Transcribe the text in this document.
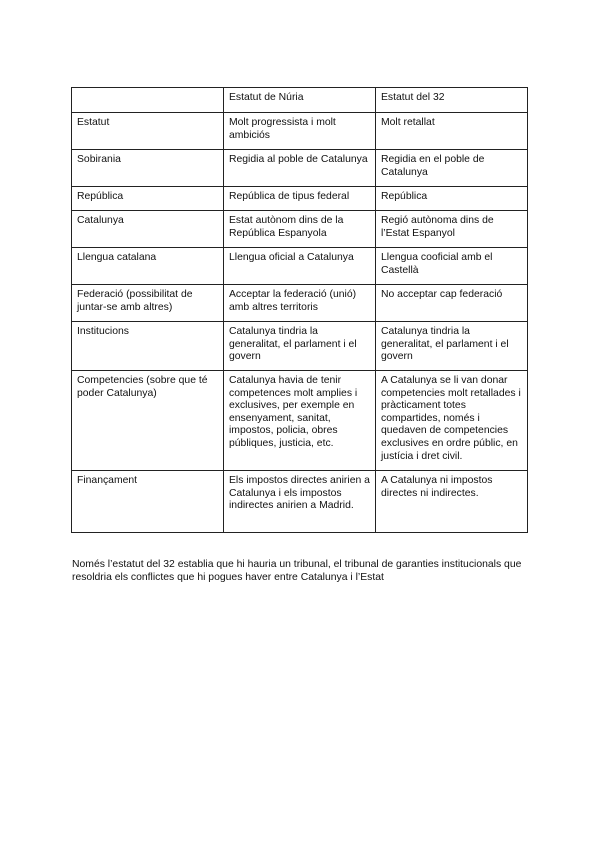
	Estatut de Núria	Estatut del 32
Estatut	Molt progressista i molt ambiciós	Molt retallat
Sobirania	Regidia al poble de Catalunya	Regidia en el poble de Catalunya
República	República de tipus federal	República
Catalunya	Estat autònom dins de la República Espanyola	Regió autònoma dins de l’Estat Espanyol
Llengua catalana	Llengua oficial a Catalunya	Llengua cooficial amb el Castellà
Federació (possibilitat de juntar-se amb altres)	Acceptar la federació (unió) amb altres territoris	No acceptar cap federació
Institucions	Catalunya tindria la generalitat, el parlament i el govern	Catalunya tindria la generalitat, el parlament i el govern
Competencies (sobre que té poder Catalunya)	Catalunya havia de tenir competences molt amplies i exclusives, per exemple en ensenyament, sanitat, impostos, policia, obres públiques, justicia, etc.	A Catalunya se li van donar competencies molt retallades i pràcticament totes compartides, només i quedaven de competencies exclusives en ordre públic, en justícia i dret civil.
Finançament	Els impostos directes anirien a Catalunya i els impostos indirectes anirien a Madrid.	A Catalunya ni impostos directes ni indirectes.

Només l’estatut del 32 establia que hi hauria un tribunal, el tribunal de garanties institucionals que resoldria els conflictes que hi pogues haver entre Catalunya i l’Estat
